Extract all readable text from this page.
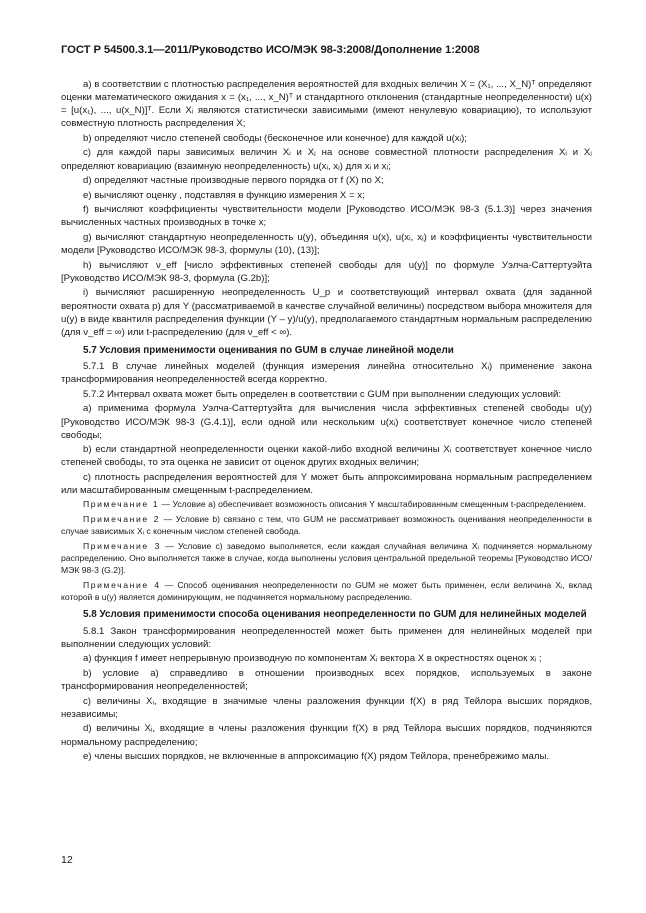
ГОСТ Р 54500.3.1—2011/Руководство ИСО/МЭК 98-3:2008/Дополнение 1:2008

а) в соответствии с плотностью распределения вероятностей для входных величин X = (X₁, ..., X_N)ᵀ определяют оценки математического ожидания x = (x₁, ..., x_N)ᵀ и стандартного отклонения (стандартные неопределенности) u(x) = [u(x₁), ..., u(x_N)]ᵀ. Если Xᵢ являются статистически зависимыми (имеют ненулевую ковариацию), то используют совместную плотность распределения X;

b) определяют число степеней свободы (бесконечное или конечное) для каждой u(xᵢ);

c) для каждой пары зависимых величин Xᵢ и Xⱼ на основе совместной плотности распределения Xᵢ и Xⱼ определяют ковариацию (взаимную неопределенность) u(xᵢ, xⱼ) для xᵢ и xⱼ;

d) определяют частные производные первого порядка от f (X) по X;

е) вычисляют оценку , подставляя в функцию измерения X = x;

f) вычисляют коэффициенты чувствительности модели [Руководство ИСО/МЭК 98-3 (5.1.3)] через значения вычисленных частных производных в точке x;

g) вычисляют стандартную неопределенность u(y), объединяя u(x), u(xᵢ, xⱼ) и коэффициенты чувствительности модели [Руководство ИСО/МЭК 98-3, формулы (10), (13)];

h) вычисляют ν_eff [число эффективных степеней свободы для u(y)] по формуле Уэлча-Саттертуэйта [Руководство ИСО/МЭК 98-3, формула (G.2b)];

i) вычисляют расширенную неопределенность U_p и соответствующий интервал охвата (для заданной вероятности охвата p) для Y (рассматриваемой в качестве случайной величины) посредством выбора множителя для u(y) в виде квантиля распределения функции (Y – y)/u(y), предполагаемого стандартным нормальным распределению (для ν_eff = ∞) или t-распределению (для ν_eff < ∞).

5.7 Условия применимости оценивания по GUM в случае линейной модели

5.7.1 В случае линейных моделей (функция измерения линейна относительно Xᵢ) применение закона трансформирования неопределенностей всегда корректно.

5.7.2 Интервал охвата может быть определен в соответствии с GUM при выполнении следующих условий:

а) применима формула Уэлча-Саттертуэйта для вычисления числа эффективных степеней свободы u(y) [Руководство ИСО/МЭК 98-3 (G.4.1)], если одной или нескольким u(xᵢ) соответствует конечное число степеней свободы;

b) если стандартной неопределенности оценки какой-либо входной величины Xᵢ соответствует конечное число степеней свободы, то эта оценка не зависит от оценок других входных величин;

c) плотность распределения вероятностей для Y может быть аппроксимирована нормальным распределением или масштабированным смещенным t-распределением.

Примечание 1 — Условие а) обеспечивает возможность описания Y масштабированным смещенным t-распределением.

Примечание 2 — Условие b) связано с тем, что GUM не рассматривает возможность оценивания неопределенности в случае зависимых Xᵢ с конечным числом степеней свобода.

Примечание 3 — Условие c) заведомо выполняется, если каждая случайная величина Xᵢ подчиняется нормальному распределению. Оно выполняется также в случае, когда выполнены условия центральной предельной теоремы [Руководство ИСО/МЭК 98-3 (G.2)].

Примечание 4 — Способ оценивания неопределенности по GUM не может быть применен, если величина Xᵢ, вклад которой в u(y) является доминирующим, не подчиняется нормальному распределению.

5.8 Условия применимости способа оценивания неопределенности по GUM для нелинейных моделей

5.8.1 Закон трансформирования неопределенностей может быть применен для нелинейных моделей при выполнении следующих условий:

а) функция f имеет непрерывную производную по компонентам Xᵢ вектора X в окрестностях оценок xᵢ ;

b) условие а) справедливо в отношении производных всех порядков, используемых в законе трансформирования неопределенностей;

c) величины Xᵢ, входящие в значимые члены разложения функции f(X) в ряд Тейлора высших порядков, независимы;

d) величины Xᵢ, входящие в члены разложения функции f(X) в ряд Тейлора высших порядков, подчиняются нормальному распределению;

е) члены высших порядков, не включенные в аппроксимацию f(X) рядом Тейлора, пренебрежимо малы.

12
